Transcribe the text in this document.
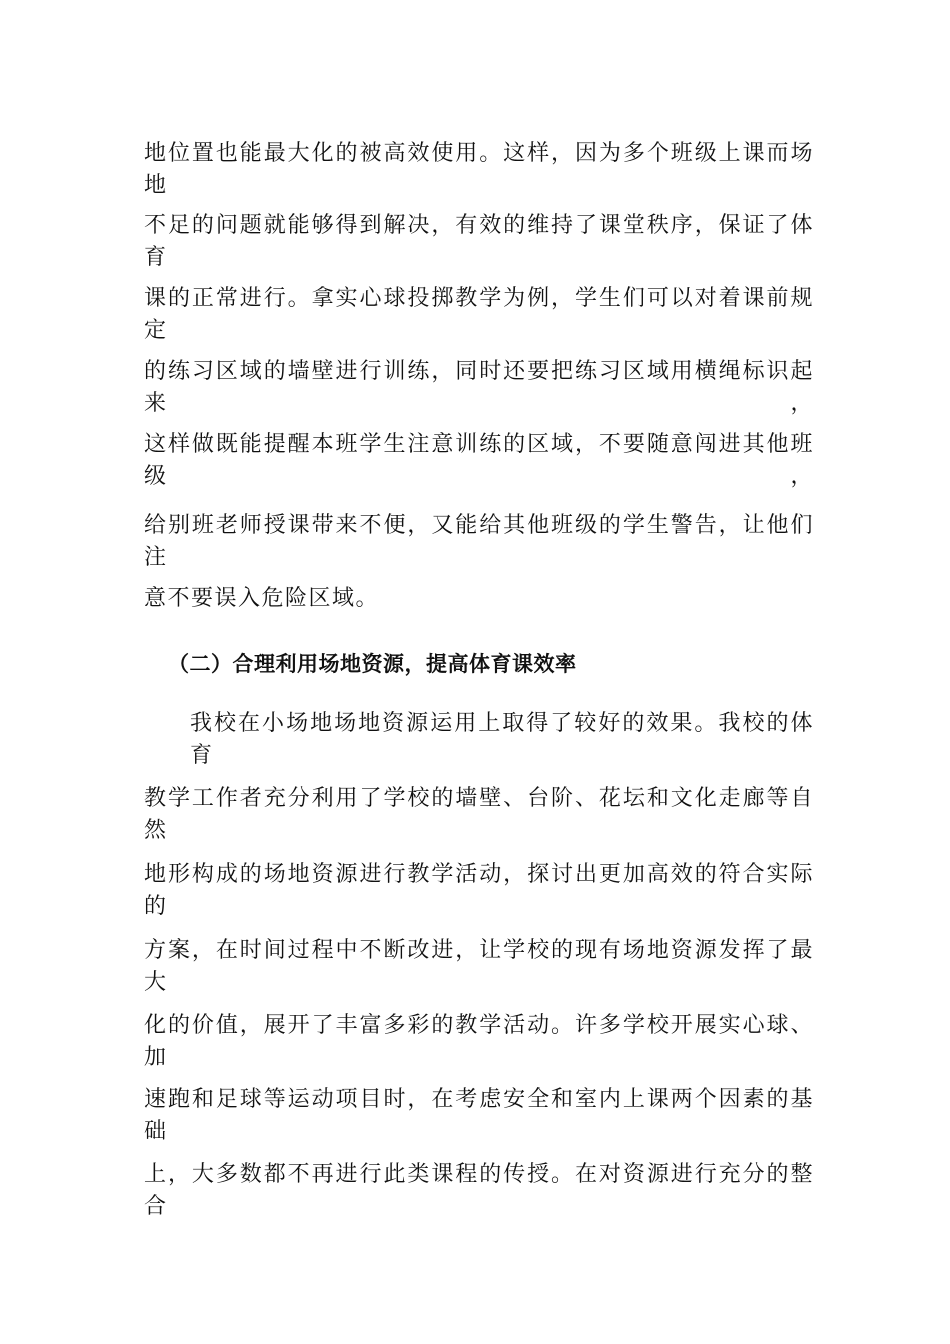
地位置也能最大化的被高效使用。这样，因为多个班级上课而场地
不足的问题就能够得到解决，有效的维持了课堂秩序，保证了体育
课的正常进行。拿实心球投掷教学为例，学生们可以对着课前规定
的练习区域的墙壁进行训练，同时还要把练习区域用横绳标识起来，
这样做既能提醒本班学生注意训练的区域，不要随意闯进其他班级，
给别班老师授课带来不便，又能给其他班级的学生警告，让他们注
意不要误入危险区域。
（二）合理利用场地资源，提高体育课效率
我校在小场地场地资源运用上取得了较好的效果。我校的体育
教学工作者充分利用了学校的墙壁、台阶、花坛和文化走廊等自然
地形构成的场地资源进行教学活动，探讨出更加高效的符合实际的
方案，在时间过程中不断改进，让学校的现有场地资源发挥了最大
化的价值，展开了丰富多彩的教学活动。许多学校开展实心球、加
速跑和足球等运动项目时，在考虑安全和室内上课两个因素的基础
上，大多数都不再进行此类课程的传授。在对资源进行充分的整合
